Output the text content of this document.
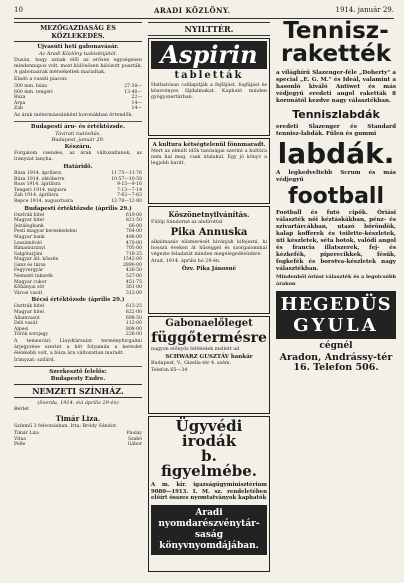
10	ARADI KÖZLÖNY.	1914. január 29.
MEZŐGAZDASÁG ÉS KÖZLEKEDÉS.
Újvasúti heti gabonavásár.
Az Aradi Közlöny tudósítójától.
Dusán, hogy aznak elől az erősen egységesen mindennapos volt, most különösen hálózott puszták. A gabonaárak mérsékeltek maradtak.
Eladó a vasúti piacon:
300 mm. búza	27·30—
600 mm. tengeri	13·40—
Búza	22—
Árpa	14—
Zab	14—
Az árak métermázsánként koronákban értendők.
Budapesti áru- és értéktőzsde.
Távirati tudósítás.
Budapest, január 29.
Készáru.
Forgalom csendes, az árak változatlanok, az irányzat lanyha.
Határidő.
Búza 1914. áprilisra	11·75—11·76
Búza 1914. októberre	10·57—10·58
Rozs 1914. áprilisra	9·15—9·16
Tengeri 1914. májusra	7·13—7·14
Zab 1914. áprilisra	7·62—7·63
Repce 1914. augusztusra	12·78—12·80
Budapesti értéktőzsde (április 29.)
Osztrák hitel	619·00
Magyar hitel	821·50
Jelzálogbank	66·00
Pesti magyar kereskedelmi	764·00
Magyar bank	496·00
Leszámítoló	470·00
Rimamurányi	705·00
Salgótarjáni	718·25
Magyar ált. kőszén	1542·00
Ganz és társa	2890·00
Fegyvergyár	426·50
Nemzeti takarék	527·00
Magyar cukor	451·75
Kőbányai sör	361·00
Városi vasút	312·00
Bécsi értéktőzsde (április 29.)
Osztrák hitel	613·25
Magyar hitel	822·00
Államvasút	698·50
Déli vasút	112·00
Alpesi	808·00
Török sorsjegy	226·00
A temesvári Lloydtársulat terményforgalmi árjegyzése szerint a hét folyamán a kereslet élénkebb volt, a búza ára változatlan maradt.
Irányzat: szilárd.
Szerkesztő felelős:
Budapesty Endre.
NEMZETI SZÍNHÁZ.
(Szerda, 1914. évi április 29-én)
Bérlet
Timár Liza.
Színmű 3 felvonásban. Irta: Bródy Sándor.
Timár Liza	Paulay
Vitus	Szabó
Pelle	Gábor
NYILTTÉR.
Aspirin
tabletták
Hathatósan csillapítják a fejfájást, fogfájást és köszvényes fájdalmakat. Kapható minden gyógyszertárban.
A kultura kétségtelenül fönnmaradt.
Mert az elmúlt idők tanúságai szerint a kultúra nem hal meg, csak átalakul. Egy jó könyv a legjobb barát.
Köszönetnyilvánítás.
Fülöp Sándorné az alulírottal
Pika Annuska
alkalmazás elismerését kívánjuk kifejezni, ki hosszú éveken át hűséggel és szorgalommal végezte feladatát minden megelégedésünkre.
Arad, 1914. április hó 29-én.
Özv. Pika Jánosné
Gabonaelőleget
függőtermésre
nagyon előnyös feltételek mellett ad
SCHWARZ GUSZTÁV bankár
Budapest, V., Gizella-tér 4. szám.
Telefon 65—34
Ügyvédi irodák
b. figyelmébe.
A m. kir. igazságügyminisztérium 9080—1913. I. M. sz. rendeletében előírt összes nyomtatványok kaphatók
Aradi nyomdarészvénytár-
saság könyvnyomdájában.
Tennisz-
rakették
a világhírű Slazenger-féle „Doherty" a special „E. G. M." és Ideál, valamint a hasonló kiváló Antiwet és más védjegyű eredeti angol raketták 8 koronától kezdve nagy választékban.
Tenniszlabdák
eredeti Slazenger és Standard tennisz-labdák. Fűlen és gummi
labdák.
A legkedveltebb Scrum és más védjegyű
football
Football és futó cipők. Óriási választék női kéztáskákban, pénz- és szivartárcákban, utazó bőröndök, kalap kofferek és toilette-készletek, úti készletek, séta botok, valódi angol és francia illatszerek, fej- és kézkefék, piperecikkek, fésűk, fogkefék és borotva-készletek nagy választékban.
Mindenből óriási választék és a legolcsóbb árakon
HEGEDÜS
GYULA
cégnél
Aradon, Andrássy-tér 16. Telefon 506.
